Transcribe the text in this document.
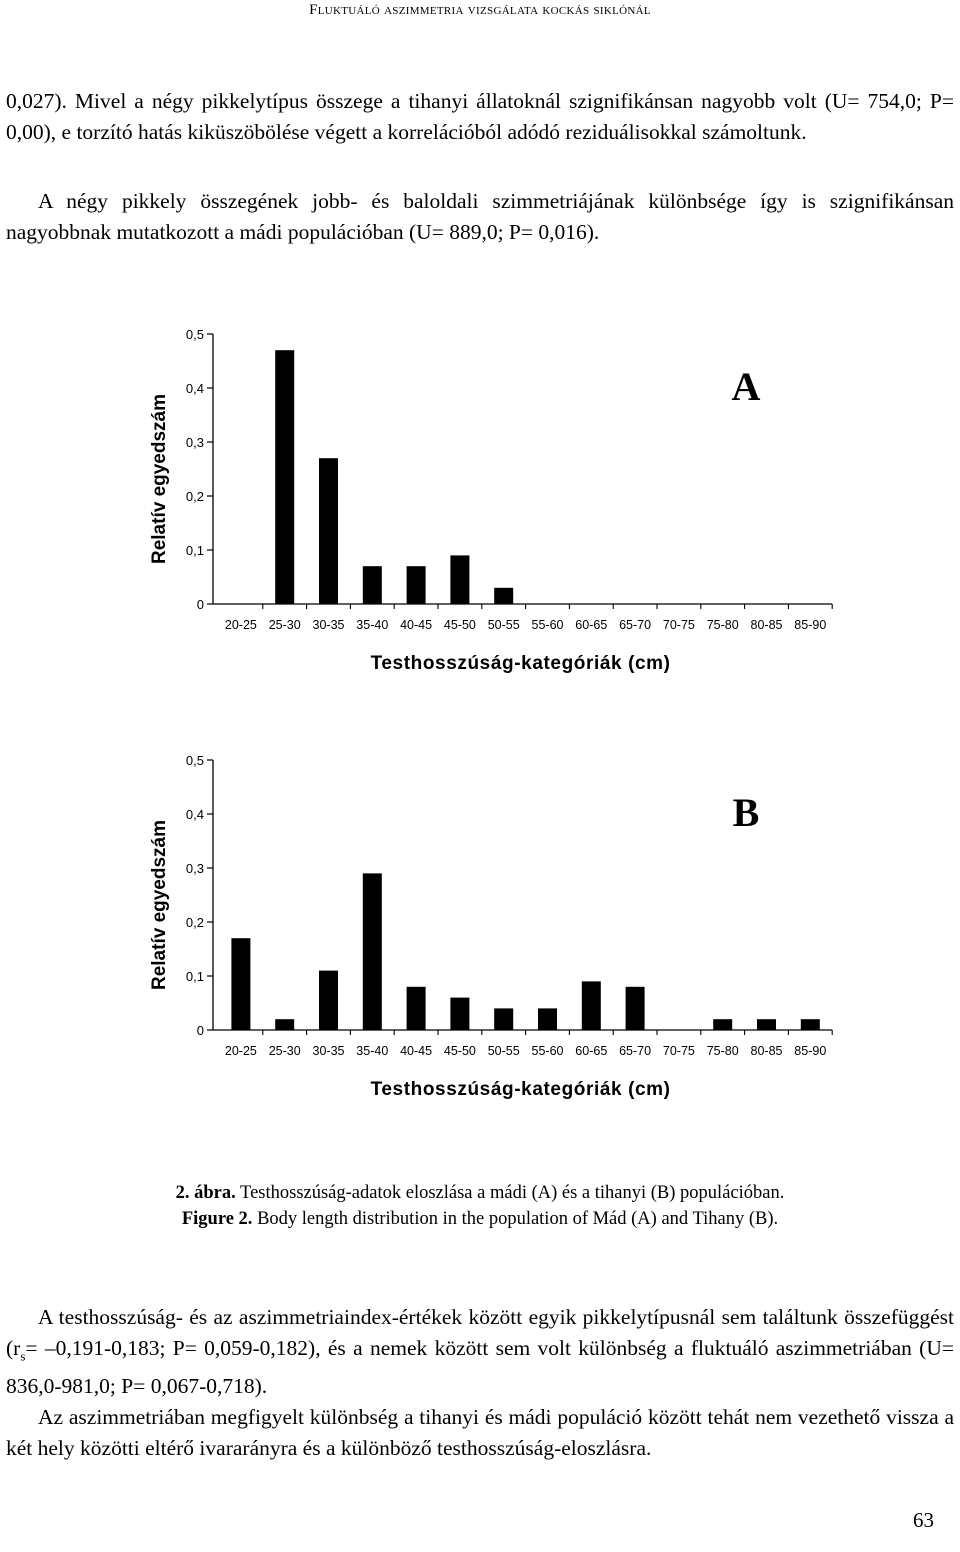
Fluktuáló aszimmetria vizsgálata kockás siklónál

0,027). Mivel a négy pikkelytípus összege a tihanyi állatoknál szignifikánsan nagyobb volt (U= 754,0; P= 0,00), e torzító hatás kiküszöbölése végett a korrelációból adódó reziduálisokkal számoltunk.

A négy pikkely összegének jobb- és baloldali szimmetriájának különbsége így is szignifikánsan nagyobbnak mutatkozott a mádi populációban (U= 889,0; P= 0,016).

0
0,1
0,2
0,3
0,4
0,5
20-25 25-30 30-35 35-40 40-45 45-50 50-55 55-60 60-65 65-70 70-75 75-80 80-85 85-90
Relatív egyedszám
Testhosszúság-kategóriák (cm)
A
0
0,1
0,2
0,3
0,4
0,5
20-25 25-30 30-35 35-40 40-45 45-50 50-55 55-60 60-65 65-70 70-75 75-80 80-85 85-90
Relatív egyedszám
Testhosszúság-kategóriák (cm)
B
2. ábra. Testhosszúság-adatok eloszlása a mádi (A) és a tihanyi (B) populációban.
Figure 2. Body length distribution in the population of Mád (A) and Tihany (B).

A testhosszúság- és az aszimmetriaindex-értékek között egyik pikkelytípusnál sem találtunk összefüggést ($r_s= -0,191-0,183$; P= 0,059-0,182), és a nemek között sem volt különbség a fluktuáló aszimmetriában (U= 836,0-981,0; P= 0,067-0,718).

Az aszimmetriában megfigyelt különbség a tihanyi és mádi populáció között tehát nem vezethető vissza a két hely közötti eltérő ivararányra és a különböző testhosszúság-eloszlásra.

63
